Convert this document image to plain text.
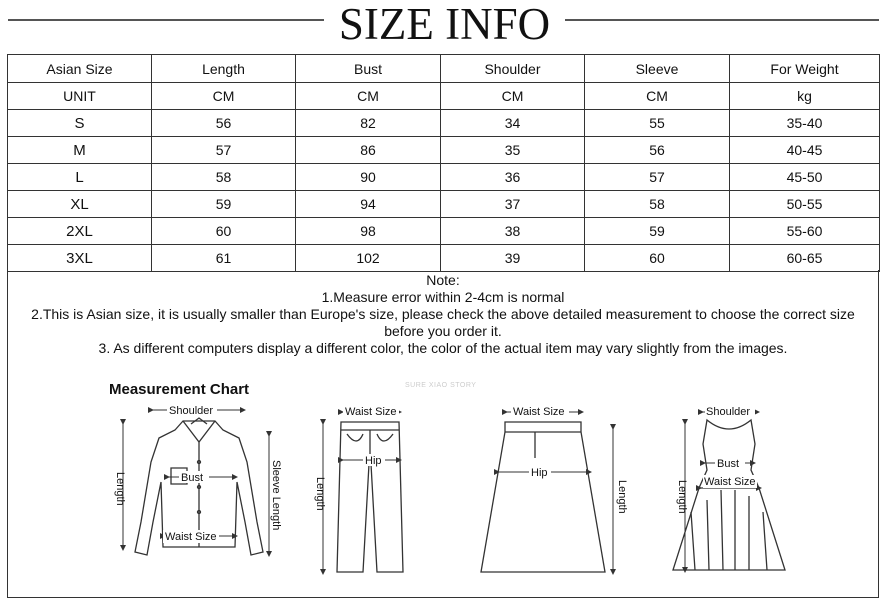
SIZE INFO
Asian Size	Length	Bust	Shoulder	Sleeve	For Weight
UNIT	CM	CM	CM	CM	kg
S	56	82	34	55	35-40
M	57	86	35	56	40-45
L	58	90	36	57	45-50
XL	59	94	37	58	50-55
2XL	60	98	38	59	55-60
3XL	61	102	39	60	60-65

Note:

1.Measure error within 2-4cm is normal

2.This is Asian size, it is usually smaller than Europe's size, please check the above detailed measurement to choose the correct size

before you order it.

3. As different computers display a different color, the color of the actual item may vary slightly from the images.

Measurement Chart	SURE XIAO STORY
Shoulder
Bust
Waist Size
Length	Sleeve Length
Waist Size
Hip
Length
Waist Size
Hip
Length
Shoulder
Bust
Waist Size
Length
